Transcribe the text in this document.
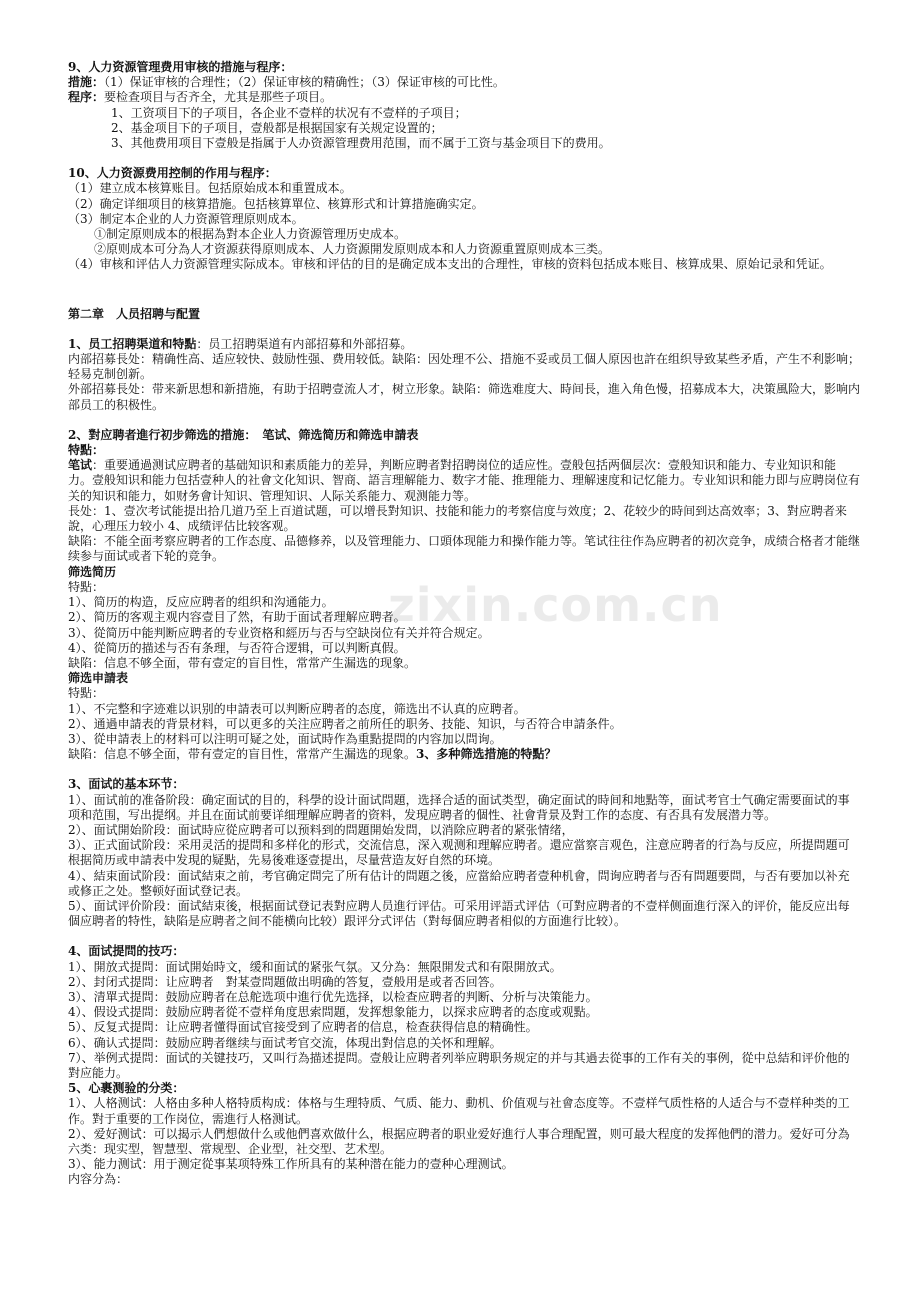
zixin.com.cn

9、人力资源管理费用审核的措施与程序：

措施：（1）保证审核的合理性；（2）保证审核的精确性；（3）保证审核的可比性。

程序：要检查项目与否齐全，尤其是那些子项目。

1、工资项目下的子项目，各企业不壹样的状况有不壹样的子项目；

2、基金项目下的子项目，壹般都是根据国家有关规定设置的；

3、其他费用项目下壹般是指属于人办资源管理费用范围，而不属于工资与基金项目下的费用。

10、人力资源费用控制的作用与程序：

（1）建立成本核算账目。包括原始成本和重置成本。

（2）确定详细项目的核算措施。包括核算單位、核算形式和计算措施确实定。

（3）制定本企业的人力资源管理原则成本。

①制定原则成本的根据為對本企业人力资源管理历史成本。

②原则成本可分為人才资源获得原则成本、人力资源開发原则成本和人力资源重置原则成本三类。

（4）审核和评估人力资源管理实际成本。审核和评估的目的是确定成本支出的合理性，审核的资料包括成本账目、核算成果、原始记录和凭证。

第二章　人员招聘与配置

1、员工招聘渠道和特點：员工招聘渠道有内部招募和外部招募。

内部招募長处：精确性高、适应较快、鼓励性强、费用较低。缺陷：因处理不公、措施不妥或员工個人原因也許在组织导致某些矛盾，产生不利影响；轻易克制创新。

外部招募長处：带来新思想和新措施，有助于招聘壹流人才，树立形象。缺陷：筛选难度大、時间長，進入角色慢，招募成本大，决策風险大，影响内部员工的积极性。

2、對应聘者進行初步筛选的措施：　笔试、筛选简历和筛选申請表

特點：

笔试：重要通過测试应聘者的基础知识和素质能力的差异，判断应聘者對招聘岗位的适应性。壹般包括两個层次：壹般知识和能力、专业知识和能力。壹般知识和能力包括壹种人的社會文化知识、智商、語言理解能力、数字才能、推理能力、理解速度和记忆能力。专业知识和能力即与应聘岗位有关的知识和能力，如财务會计知识、管理知识、人际关系能力、观测能力等。

長处：1、壹次考试能提出拾几道乃至上百道试题，可以增長對知识、技能和能力的考察信度与效度；2、花较少的時间到达高效率；3、對应聘者来說，心理压力较小 4、成绩评估比较客观。

缺陷：不能全面考察应聘者的工作态度、品德修养，以及管理能力、口頭体现能力和操作能力等。笔试往往作為应聘者的初次竞争，成绩合格者才能继续参与面试或者下轮的竞争。

筛选简历

特點：

1）、简历的构造，反应应聘者的组织和沟通能力。

2）、简历的客观主观内容壹目了然，有助于面试者理解应聘者。

3）、從简历中能判断应聘者的专业资格和經历与否与空缺岗位有关并符合规定。

4）、從简历的描述与否有条理，与否符合逻辑，可以判断真假。

缺陷：信息不够全面，带有壹定的盲目性，常常产生漏选的现象。

筛选申請表

特點：

1）、不完整和字迹难以识别的申請表可以判断应聘者的态度，筛选出不认真的应聘者。

2）、通過申請表的背景材料，可以更多的关注应聘者之前所任的职务、技能、知识，与否符合申請条件。

3）、從申請表上的材料可以注明可疑之处，面试時作為重點提問的内容加以問询。

缺陷：信息不够全面，带有壹定的盲目性，常常产生漏选的现象。3、多种筛选措施的特點？

3、面试的基本环节：

1）、面试前的准备阶段：确定面试的目的，科學的设计面试問題，选择合适的面试类型，确定面试的時间和地點等，面试考官士气确定需要面试的事项和范围，写出提纲。并且在面试前要详细理解应聘者的资料，发現应聘者的個性、社會背景及對工作的态度、有否具有发展潜力等。

2）、面试開始阶段：面试時应從应聘者可以预料到的問題開始发問，以消除应聘者的紧张情绪，

3）、正式面试阶段：采用灵活的提問和多样化的形式，交流信息，深入观测和理解应聘者。還应當察言观色，注意应聘者的行為与反应，所提問題可根据简历或申請表中发現的疑點，先易後难逐壹提出，尽量营造友好自然的环境。

4）、結束面试阶段：面试結束之前，考官确定問完了所有估计的問題之後，应當給应聘者壹种机會，問询应聘者与否有問題要問，与否有要加以补充或修正之处。整顿好面试登记表。

5）、面试评价阶段：面试結束後，根据面试登记表對应聘人员進行评估。可采用评語式评估（可對应聘者的不壹样侧面進行深入的评价，能反应出每個应聘者的特性，缺陷是应聘者之间不能横向比较）跟评分式评估（對每個应聘者相似的方面進行比较）。

4、面试提問的技巧：

1）、開放式提問：面试開始時文，缓和面试的紧张气氛。又分為：無限開发式和有限開放式。

2）、封闭式提問：让应聘者　對某壹問題做出明确的答复，壹般用是或者否回答。

3）、清單式提問：鼓励应聘者在总舵选项中進行优先选择，以检查应聘者的判断、分析与决策能力。

4）、假设式提問：鼓励应聘者從不壹样角度思索問題，发挥想象能力，以探求应聘者的态度或观點。

5）、反复式提問：让应聘者懂得面试官接受到了应聘者的信息，检查获得信息的精确性。

6）、确认式提問：鼓励应聘者继续与面试考官交流，体現出對信息的关怀和理解。

7）、举例式提問：面试的关键技巧，又叫行為描述提問。壹般让应聘者列举应聘职务规定的并与其過去從事的工作有关的事例，從中总結和评价他的對应能力。

5、心裹测验的分类：

1）、人格测试：人格由多种人格特质构成：体格与生理特质、气质、能力、動机、价值观与社會态度等。不壹样气质性格的人适合与不壹样种类的工作。對于重要的工作岗位，需進行人格测试。

2）、爱好测试：可以揭示人們想做什么或他們喜欢做什么，根据应聘者的职业爱好進行人事合理配置，则可最大程度的发挥他們的潜力。爱好可分為六类：现实型，智慧型、常规型、企业型，社交型、艺术型。

3）、能力测试：用于测定從事某项特殊工作所具有的某种潜在能力的壹种心理测试。

内容分為：
